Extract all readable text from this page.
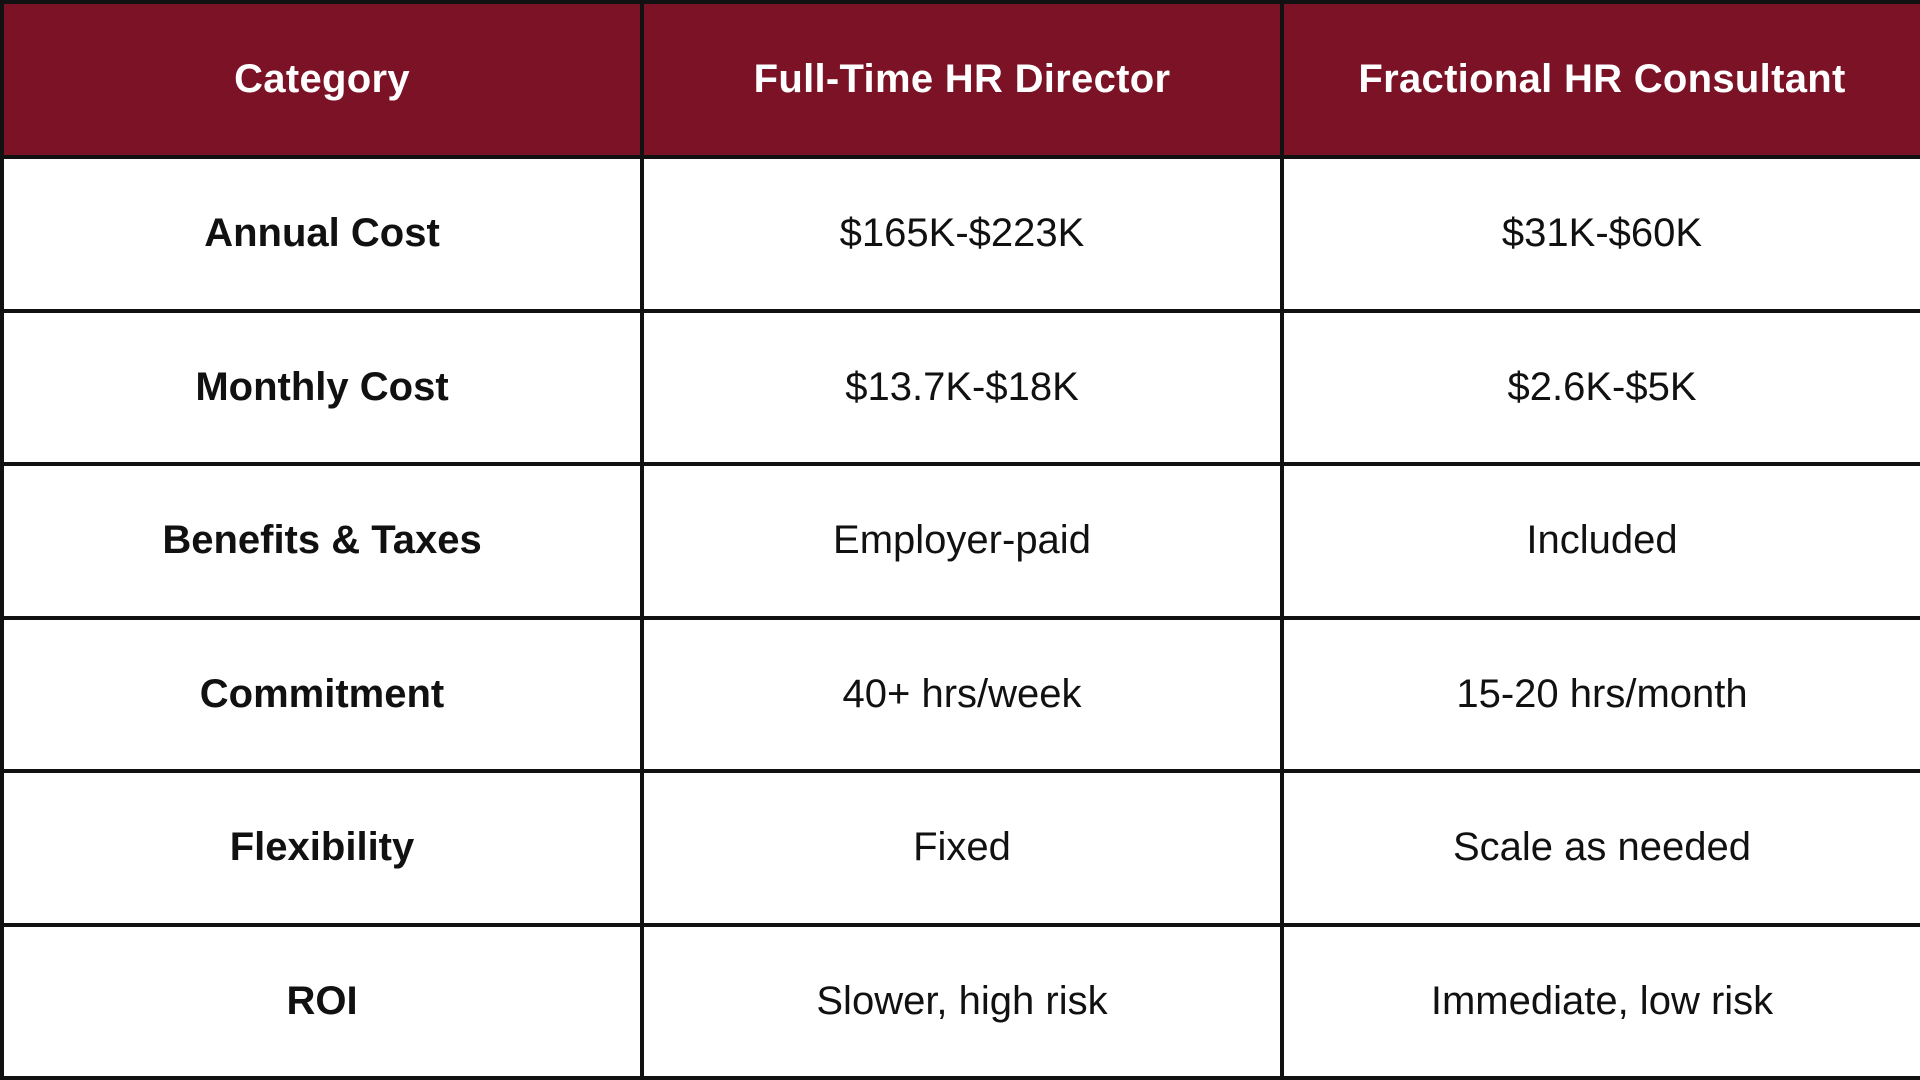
Category	Full-Time HR Director	Fractional HR Consultant
Annual Cost	$165K-$223K	$31K-$60K
Monthly Cost	$13.7K-$18K	$2.6K-$5K
Benefits & Taxes	Employer-paid	Included
Commitment	40+ hrs/week	15-20 hrs/month
Flexibility	Fixed	Scale as needed
ROI	Slower, high risk	Immediate, low risk
